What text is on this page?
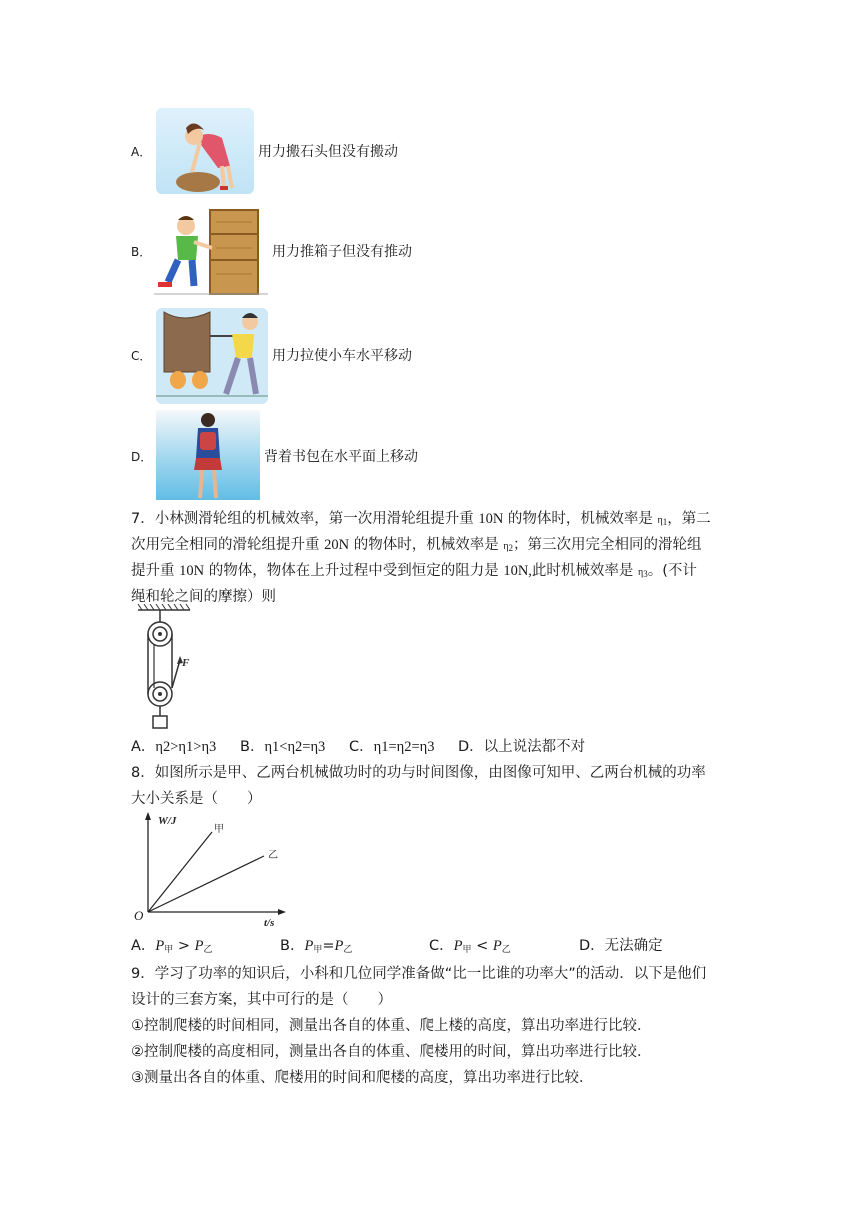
A．	用力搬石头但没有搬动
B．	用力推箱子但没有推动
C．	用力拉使小车水平移动
D．	背着书包在水平面上移动
7．小林测滑轮组的机械效率，第一次用滑轮组提升重 10N 的物体时，机械效率是 $\eta_1$，第二
次用完全相同的滑轮组提升重 20N 的物体时，机械效率是 $\eta_2$；第三次用完全相同的滑轮组
提升重 10N 的物体，物体在上升过程中受到恒定的阻力是 10N,此时机械效率是 $\eta_3$。(不计
绳和轮之间的摩擦）则
F
A．η2>η1>η3 B．η1<η2=η3 C．η1=η2=η3 D．以上说法都不对
8．如图所示是甲、乙两台机械做功时的功与时间图像，由图像可知甲、乙两台机械的功率
大小关系是（　　）
W/J
t/s
O
甲
乙
A．$P_甲 > P_乙$	B．$P_甲=P_乙$	C．$P_甲 < P_乙$	D．无法确定
9．学习了功率的知识后，小科和几位同学准备做“比一比谁的功率大”的活动．以下是他们
设计的三套方案，其中可行的是（　　）
①控制爬楼的时间相同，测量出各自的体重、爬上楼的高度，算出功率进行比较．
②控制爬楼的高度相同，测量出各自的体重、爬楼用的时间，算出功率进行比较．
③测量出各自的体重、爬楼用的时间和爬楼的高度，算出功率进行比较．
